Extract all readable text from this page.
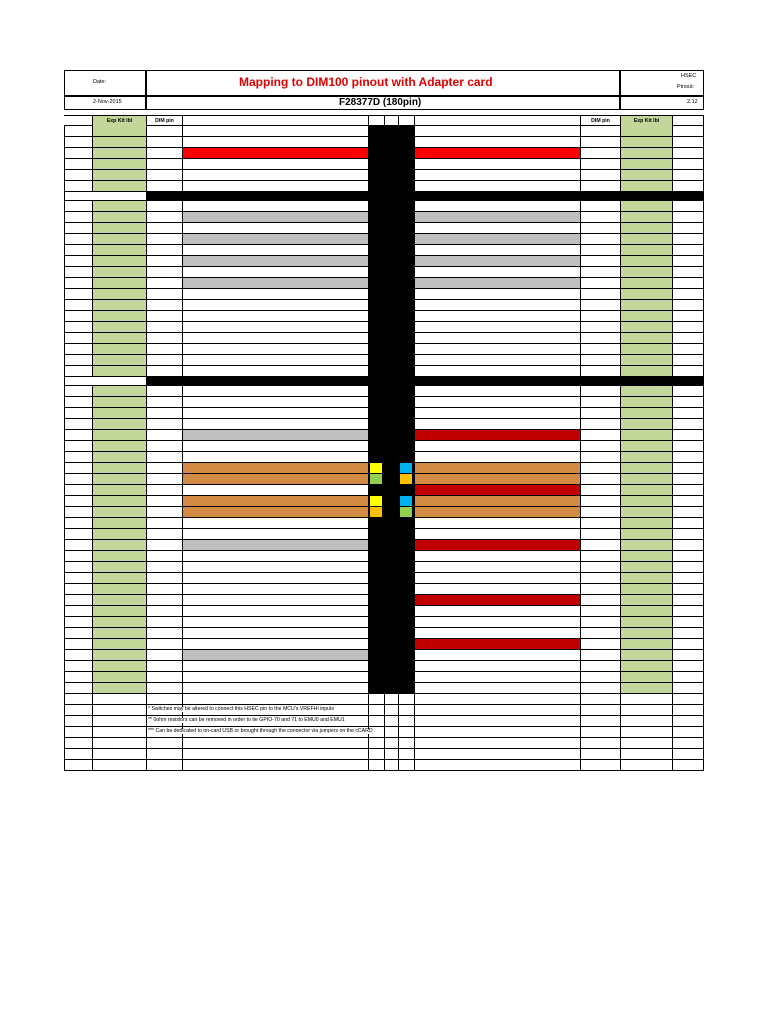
Date:
2-Nov-2015
Mapping to DIM100 pinout with Adapter card
F28377D (180pin)
HSEC
Pinout:
2.12
Exp Kit lbl	DIM pin	DIM pin	Exp Kit lbl
* Switches may be altered to connect this HSEC pin to the MCU's VREFHI inputs
** 0ohm resistors can be removed in order to tie GPIO-70 and 71 to EMU0 and EMU1
*** Can be dedicated to on-card USB or brought through the connector via jumpers on the cCARD
